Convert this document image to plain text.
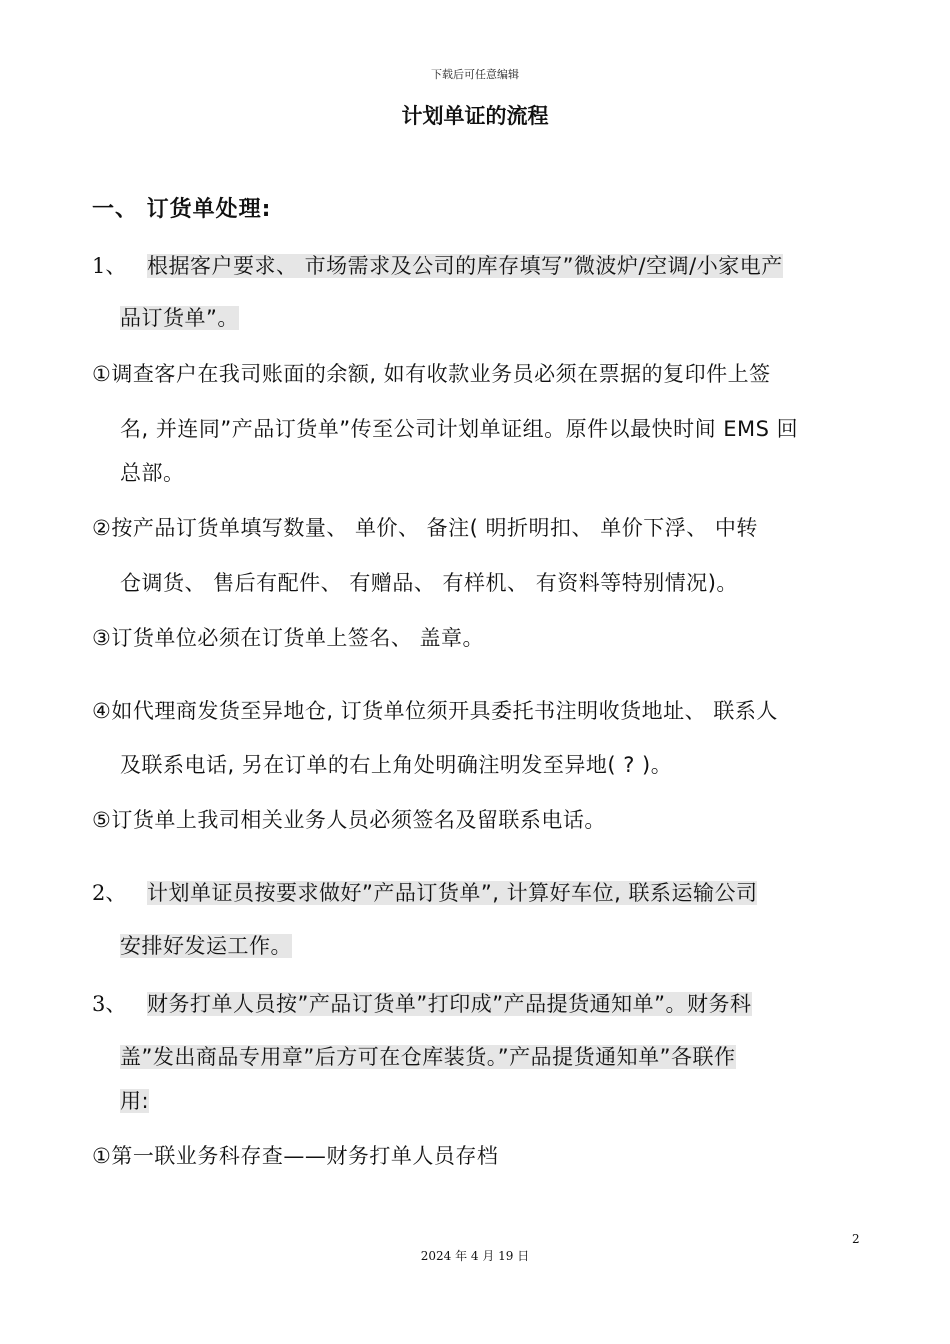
下载后可任意编辑
计划单证的流程
一、 订货单处理:
1、 根据客户要求、 市场需求及公司的库存填写”微波炉/空调/小家电产
品订货单”。
①调查客户在我司账面的余额, 如有收款业务员必须在票据的复印件上签
名, 并连同”产品订货单”传至公司计划单证组。原件以最快时间 EMS 回
总部。
②按产品订货单填写数量、 单价、 备注( 明折明扣、 单价下浮、 中转
仓调货、 售后有配件、 有赠品、 有样机、 有资料等特别情况)。
③订货单位必须在订货单上签名、 盖章。
④如代理商发货至异地仓, 订货单位须开具委托书注明收货地址、 联系人
及联系电话, 另在订单的右上角处明确注明发至异地( ? )。
⑤订货单上我司相关业务人员必须签名及留联系电话。
2、 计划单证员按要求做好”产品订货单”, 计算好车位, 联系运输公司
安排好发运工作。
3、 财务打单人员按”产品订货单”打印成”产品提货通知单”。财务科
盖”发出商品专用章”后方可在仓库装货。”产品提货通知单”各联作
用:
①第一联业务科存查——财务打单人员存档
2
2024 年 4 月 19 日
